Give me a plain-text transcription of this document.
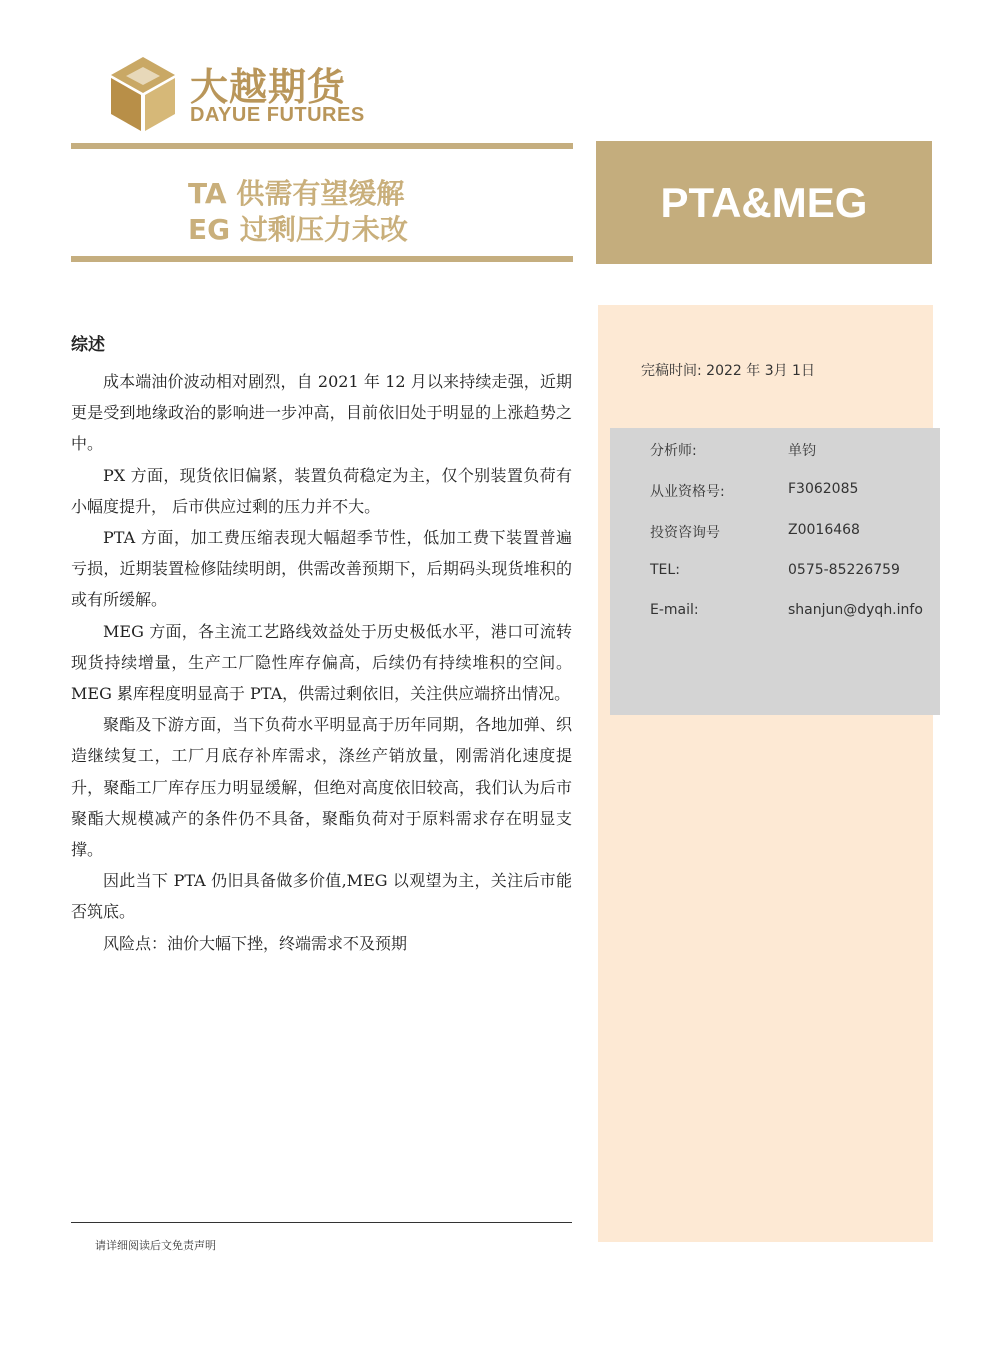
大越期货
DAYUE FUTURES
TA 供需有望缓解
EG 过剩压力未改
PTA&MEG
完稿时间: 2022 年 3月 1日
分析师:	单钧
从业资格号:	F3062085
投资咨询号	Z0016468
TEL:	0575-85226759
E-mail:	shanjun@dyqh.info
综述

成本端油价波动相对剧烈，自 2021 年 12 月以来持续走强，近期更是受到地缘政治的影响进一步冲高，目前依旧处于明显的上涨趋势之中。

PX 方面，现货依旧偏紧，装置负荷稳定为主，仅个别装置负荷有小幅度提升， 后市供应过剩的压力并不大。

PTA 方面，加工费压缩表现大幅超季节性，低加工费下装置普遍亏损，近期装置检修陆续明朗，供需改善预期下，后期码头现货堆积的或有所缓解。

MEG 方面，各主流工艺路线效益处于历史极低水平，港口可流转现货持续增量，生产工厂隐性库存偏高，后续仍有持续堆积的空间。MEG 累库程度明显高于 PTA，供需过剩依旧，关注供应端挤出情况。

聚酯及下游方面，当下负荷水平明显高于历年同期，各地加弹、织造继续复工，工厂月底存补库需求，涤丝产销放量，刚需消化速度提升，聚酯工厂库存压力明显缓解，但绝对高度依旧较高，我们认为后市聚酯大规模减产的条件仍不具备，聚酯负荷对于原料需求存在明显支撑。

因此当下 PTA 仍旧具备做多价值,MEG 以观望为主，关注后市能否筑底。

风险点：油价大幅下挫，终端需求不及预期

请详细阅读后文免责声明
